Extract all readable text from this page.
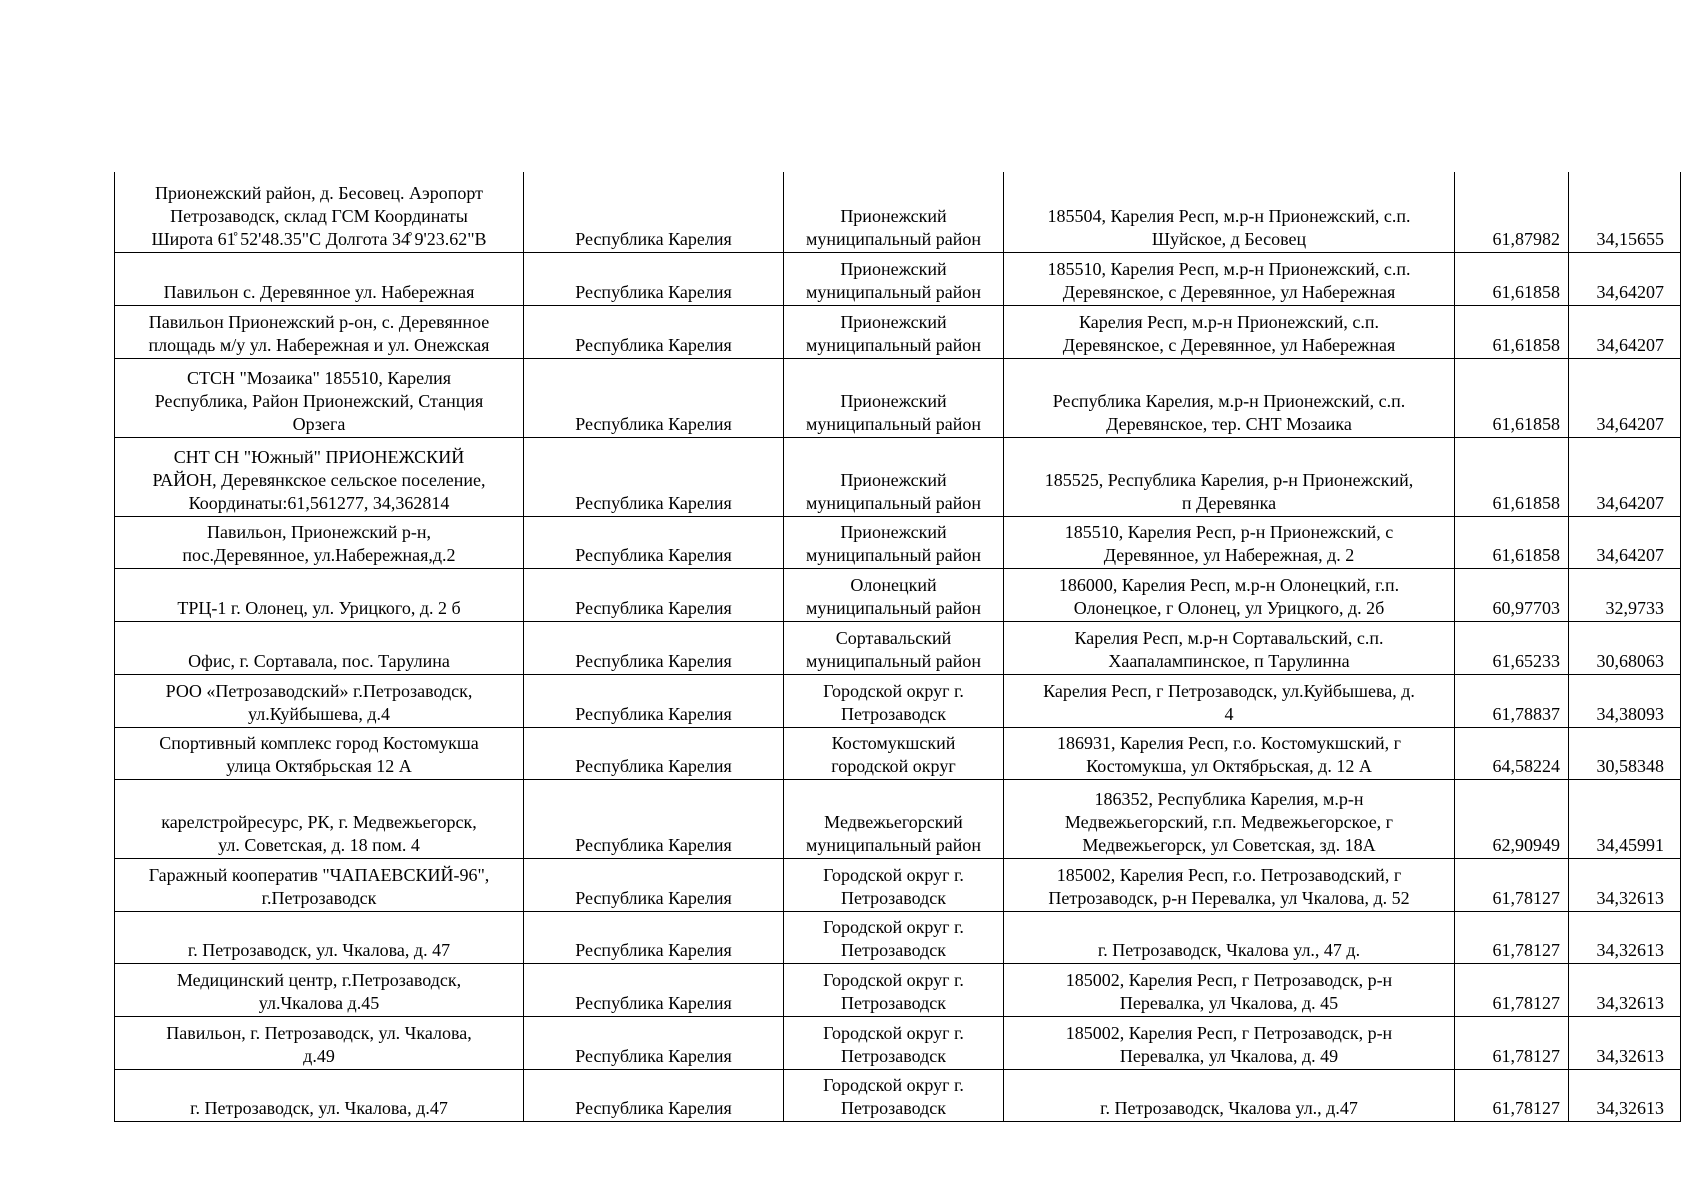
Прионежский район, д. Бесовец. Аэропорт
Петрозаводск, склад ГСМ Координаты
Широта 61̊ 52'48.35"С Долгота 34̊ 9'23.62"В	Республика Карелия	Прионежский
муниципальный район	185504, Карелия Респ, м.р-н Прионежский, с.п.
Шуйское, д Бесовец	61,87982	34,15655
Павильон с. Деревянное ул. Набережная	Республика Карелия	Прионежский
муниципальный район	185510, Карелия Респ, м.р-н Прионежский, с.п.
Деревянское, с Деревянное, ул Набережная	61,61858	34,64207
Павильон Прионежский р-он, с. Деревянное
площадь м/у ул. Набережная и ул. Онежская	Республика Карелия	Прионежский
муниципальный район	Карелия Респ, м.р-н Прионежский, с.п.
Деревянское, с Деревянное, ул Набережная	61,61858	34,64207
СТСН "Мозаика" 185510, Карелия
Республика, Район Прионежский, Станция
Орзега	Республика Карелия	Прионежский
муниципальный район	Республика Карелия, м.р-н Прионежский, с.п.
Деревянское, тер. СНТ Мозаика	61,61858	34,64207
СНТ СН "Южный" ПРИОНЕЖСКИЙ
РАЙОН, Деревянкское сельское поселение,
Координаты:61,561277, 34,362814	Республика Карелия	Прионежский
муниципальный район	185525, Республика Карелия, р-н Прионежский,
п Деревянка	61,61858	34,64207
Павильон, Прионежский р-н,
пос.Деревянное, ул.Набережная,д.2	Республика Карелия	Прионежский
муниципальный район	185510, Карелия Респ, р-н Прионежский, с
Деревянное, ул Набережная, д. 2	61,61858	34,64207
ТРЦ-1 г. Олонец, ул. Урицкого, д. 2 б	Республика Карелия	Олонецкий
муниципальный район	186000, Карелия Респ, м.р-н Олонецкий, г.п.
Олонецкое, г Олонец, ул Урицкого, д. 2б	60,97703	32,9733
Офис, г. Сортавала, пос. Тарулина	Республика Карелия	Сортавальский
муниципальный район	Карелия Респ, м.р-н Сортавальский, с.п.
Хаапалампинское, п Тарулинна	61,65233	30,68063
РОО «Петрозаводский» г.Петрозаводск,
ул.Куйбышева, д.4	Республика Карелия	Городской округ г.
Петрозаводск	Карелия Респ, г Петрозаводск, ул.Куйбышева, д.
4	61,78837	34,38093
Спортивный комплекс город Костомукша
улица Октябрьская 12 А	Республика Карелия	Костомукшский
городской округ	186931, Карелия Респ, г.о. Костомукшский, г
Костомукша, ул Октябрьская, д. 12 А	64,58224	30,58348
карелстройресурс, РК, г. Медвежьегорск,
ул. Советская, д. 18 пом. 4	Республика Карелия	Медвежьегорский
муниципальный район	186352, Республика Карелия, м.р-н
Медвежьегорский, г.п. Медвежьегорское, г
Медвежьегорск, ул Советская, зд. 18А	62,90949	34,45991
Гаражный кооператив "ЧАПАЕВСКИЙ-96",
г.Петрозаводск	Республика Карелия	Городской округ г.
Петрозаводск	185002, Карелия Респ, г.о. Петрозаводский, г
Петрозаводск, р-н Перевалка, ул Чкалова, д. 52	61,78127	34,32613
г. Петрозаводск, ул. Чкалова, д. 47	Республика Карелия	Городской округ г.
Петрозаводск	г. Петрозаводск, Чкалова ул., 47 д.	61,78127	34,32613
Медицинский центр, г.Петрозаводск,
ул.Чкалова д.45	Республика Карелия	Городской округ г.
Петрозаводск	185002, Карелия Респ, г Петрозаводск, р-н
Перевалка, ул Чкалова, д. 45	61,78127	34,32613
Павильон, г. Петрозаводск, ул. Чкалова,
д.49	Республика Карелия	Городской округ г.
Петрозаводск	185002, Карелия Респ, г Петрозаводск, р-н
Перевалка, ул Чкалова, д. 49	61,78127	34,32613
г. Петрозаводск, ул. Чкалова, д.47	Республика Карелия	Городской округ г.
Петрозаводск	г. Петрозаводск, Чкалова ул., д.47	61,78127	34,32613
